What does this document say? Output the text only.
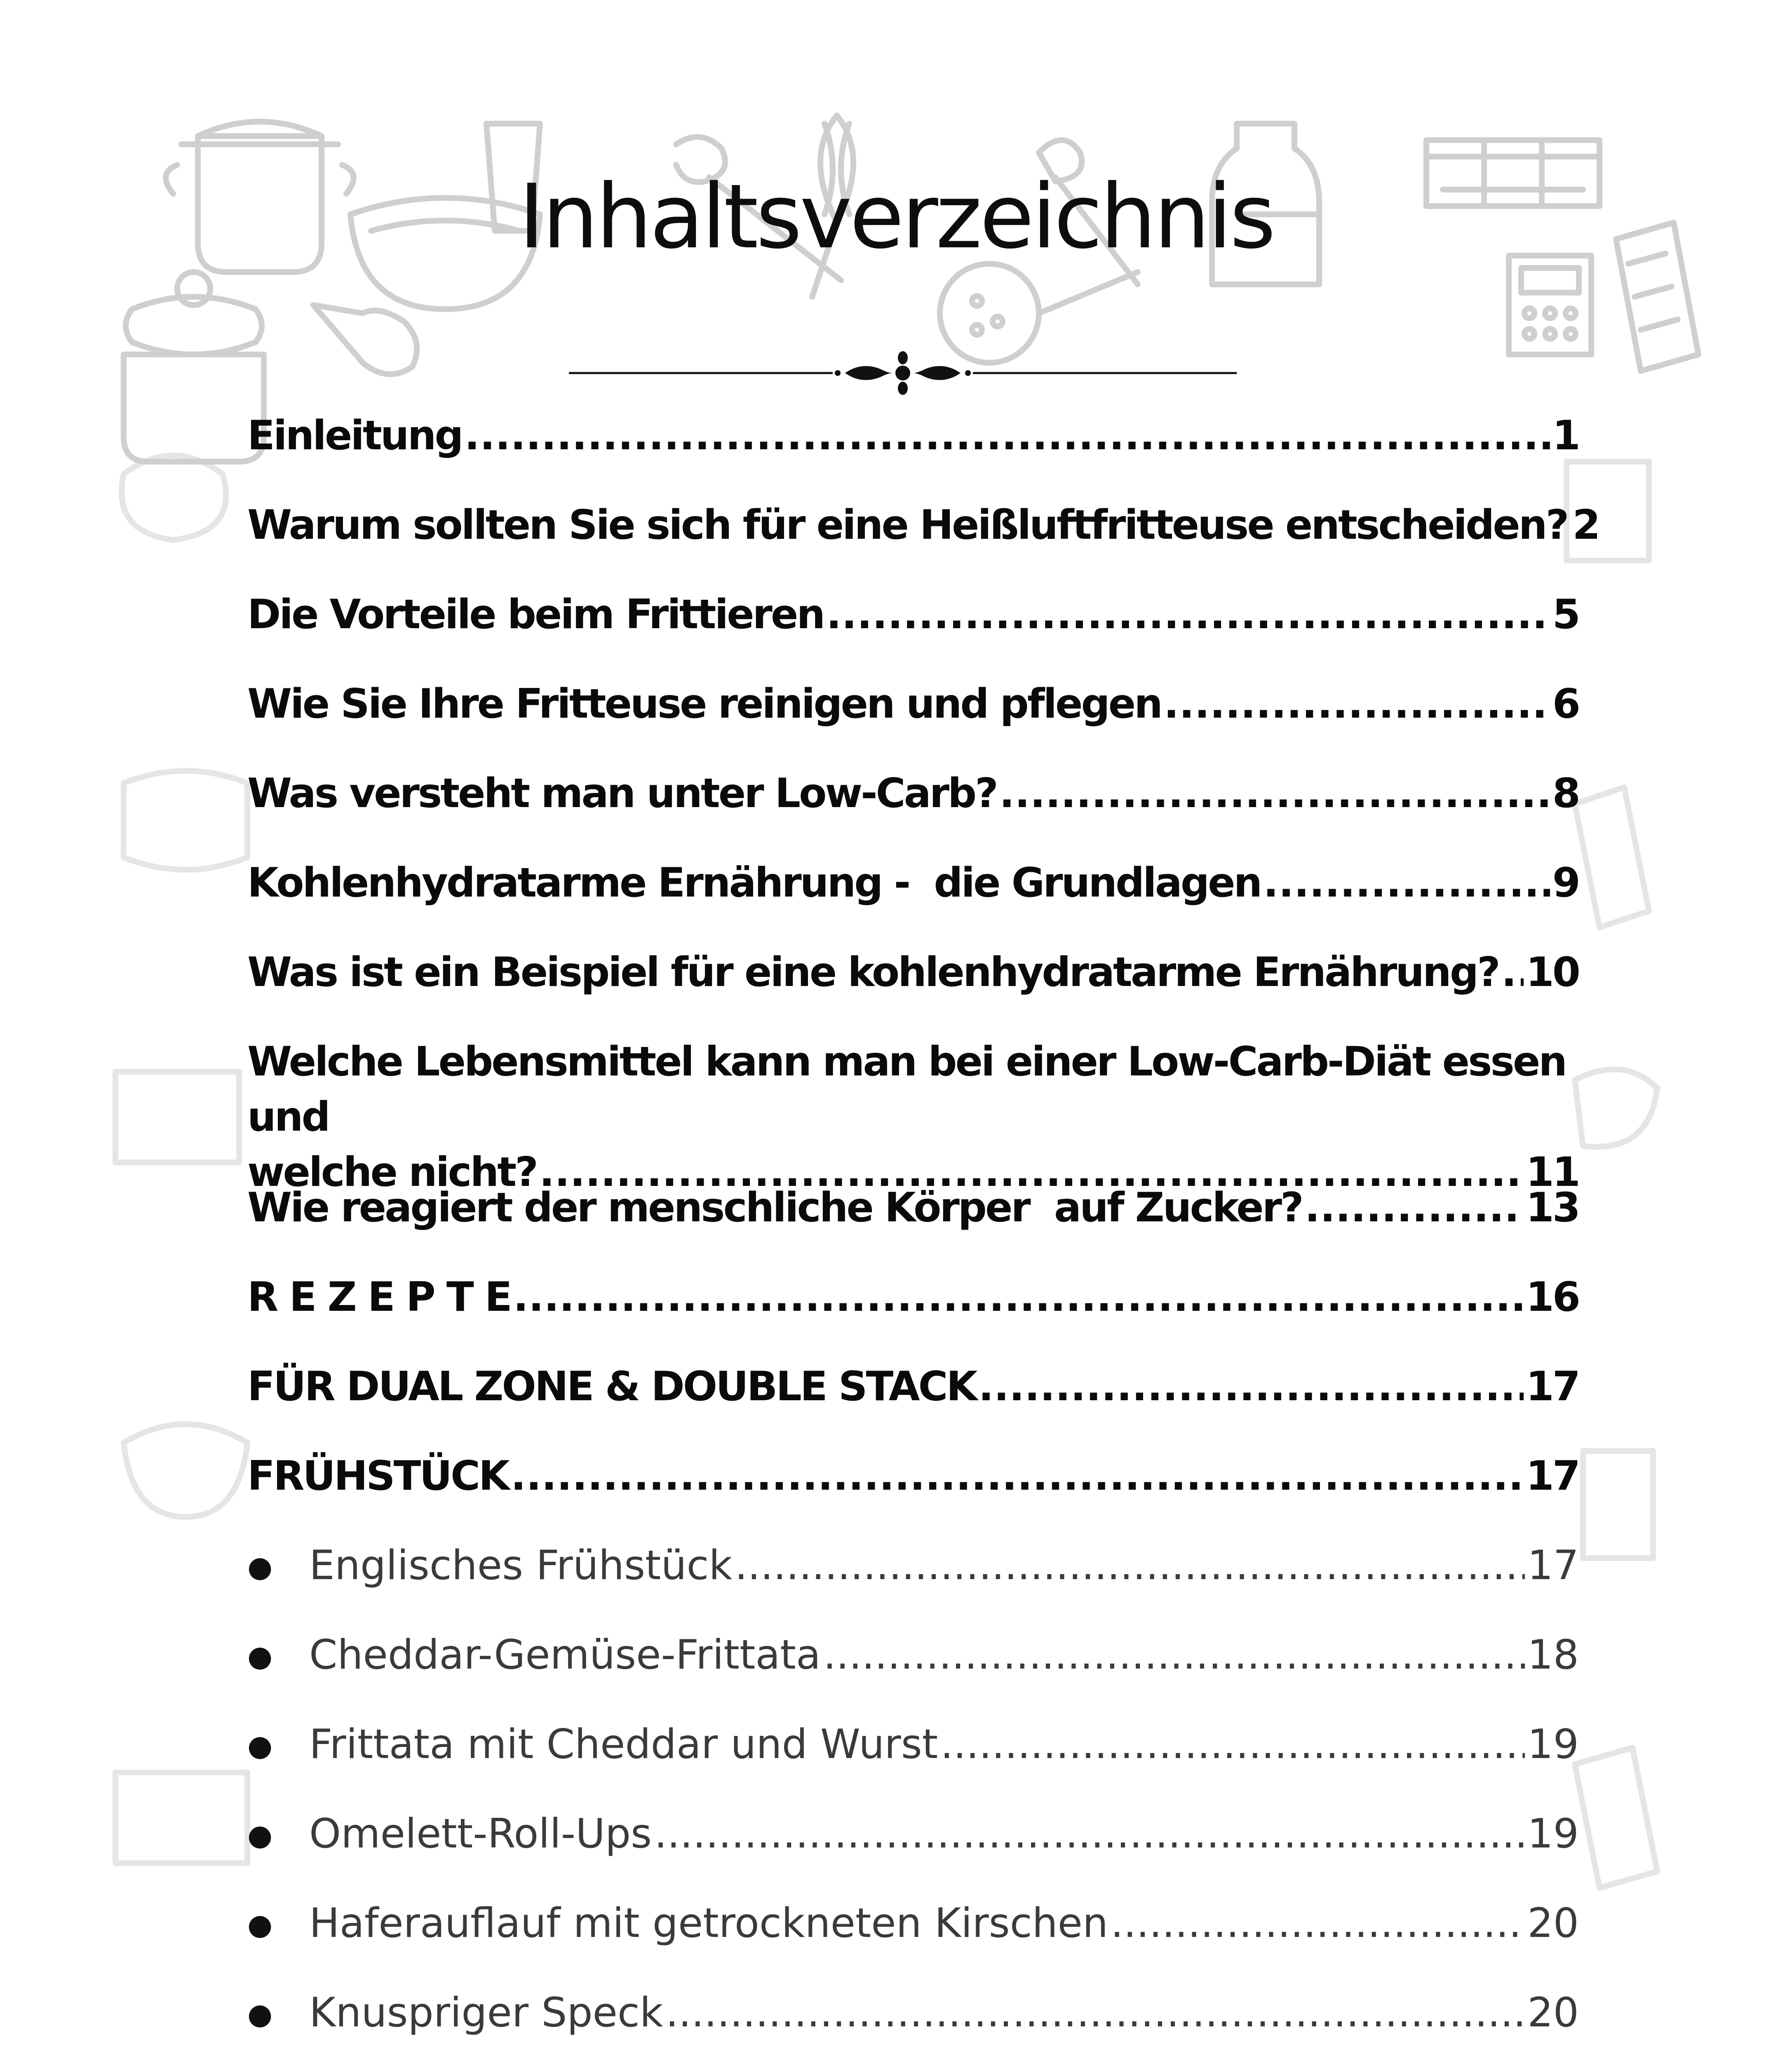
Inhaltsverzeichnis
Einleitung .....	1
Warum sollten Sie sich für eine Heißluftfritteuse entscheiden? 2
Die Vorteile beim Frittieren .....	5
Wie Sie Ihre Fritteuse reinigen und pflegen .....	6
Was versteht man unter Low-Carb? .....	8
Kohlenhydratarme Ernährung -  die Grundlagen .....	9
Was ist ein Beispiel für eine kohlenhydratarme Ernährung? ..... 10
Welche Lebensmittel kann man bei einer Low-Carb-Diät essen und
welche nicht? .....	11
Wie reagiert der menschliche Körper  auf Zucker? .....	13
R E Z E P T E .....	16
FÜR DUAL ZONE & DOUBLE STACK .....	17
FRÜHSTÜCK .....	17
● Englisches Frühstück .....	17
● Cheddar-Gemüse-Frittata .....	18
● Frittata mit Cheddar und Wurst .....	19
● Omelett-Roll-Ups .....	19
● Haferauflauf mit getrockneten Kirschen .....	20
● Knuspriger Speck .....	20
